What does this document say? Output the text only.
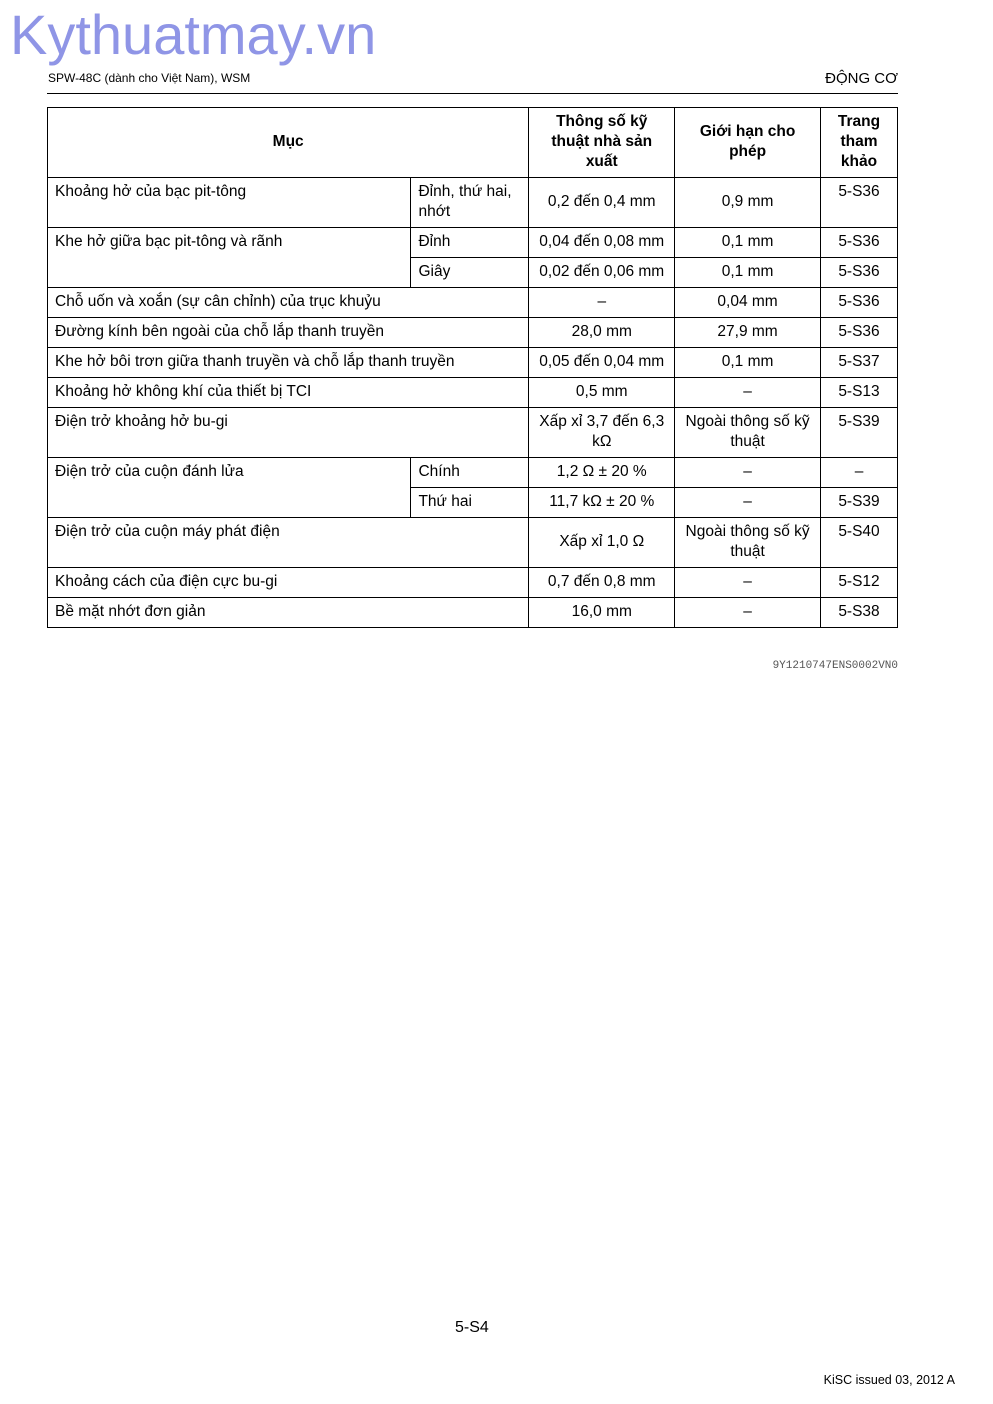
Kythuatmay.vn
SPW-48C (dành cho Việt Nam), WSM	ĐỘNG CƠ
Mục		Thông số kỹ thuật nhà sản xuất	Giới hạn cho phép	Trang tham khảo
Khoảng hở của bạc pit-tông	Đỉnh, thứ hai, nhớt	0,2 đến 0,4 mm	0,9 mm	5-S36
Khe hở giữa bạc pit-tông và rãnh	Đỉnh	0,04 đến 0,08 mm	0,1 mm	5-S36
	Giây	0,02 đến 0,06 mm	0,1 mm	5-S36
Chỗ uốn và xoắn (sự cân chỉnh) của trục khuỷu		–	0,04 mm	5-S36
Đường kính bên ngoài của chỗ lắp thanh truyền		28,0 mm	27,9 mm	5-S36
Khe hở bôi trơn giữa thanh truyền và chỗ lắp thanh truyền		0,05 đến 0,04 mm	0,1 mm	5-S37
Khoảng hở không khí của thiết bị TCI		0,5 mm	–	5-S13
Điện trở khoảng hở bu-gi		Xấp xỉ 3,7 đến 6,3 kΩ	Ngoài thông số kỹ thuật	5-S39
Điện trở của cuộn đánh lửa	Chính	1,2 Ω ± 20 %	–	–
	Thứ hai	11,7 kΩ ± 20 %	–	5-S39
Điện trở của cuộn máy phát điện		Xấp xỉ 1,0 Ω	Ngoài thông số kỹ thuật	5-S40
Khoảng cách của điện cực bu-gi		0,7 đến 0,8 mm	–	5-S12
Bề mặt nhớt đơn giản		16,0 mm	–	5-S38
9Y1210747ENS0002VN0
5-S4
KiSC issued 03, 2012 A
